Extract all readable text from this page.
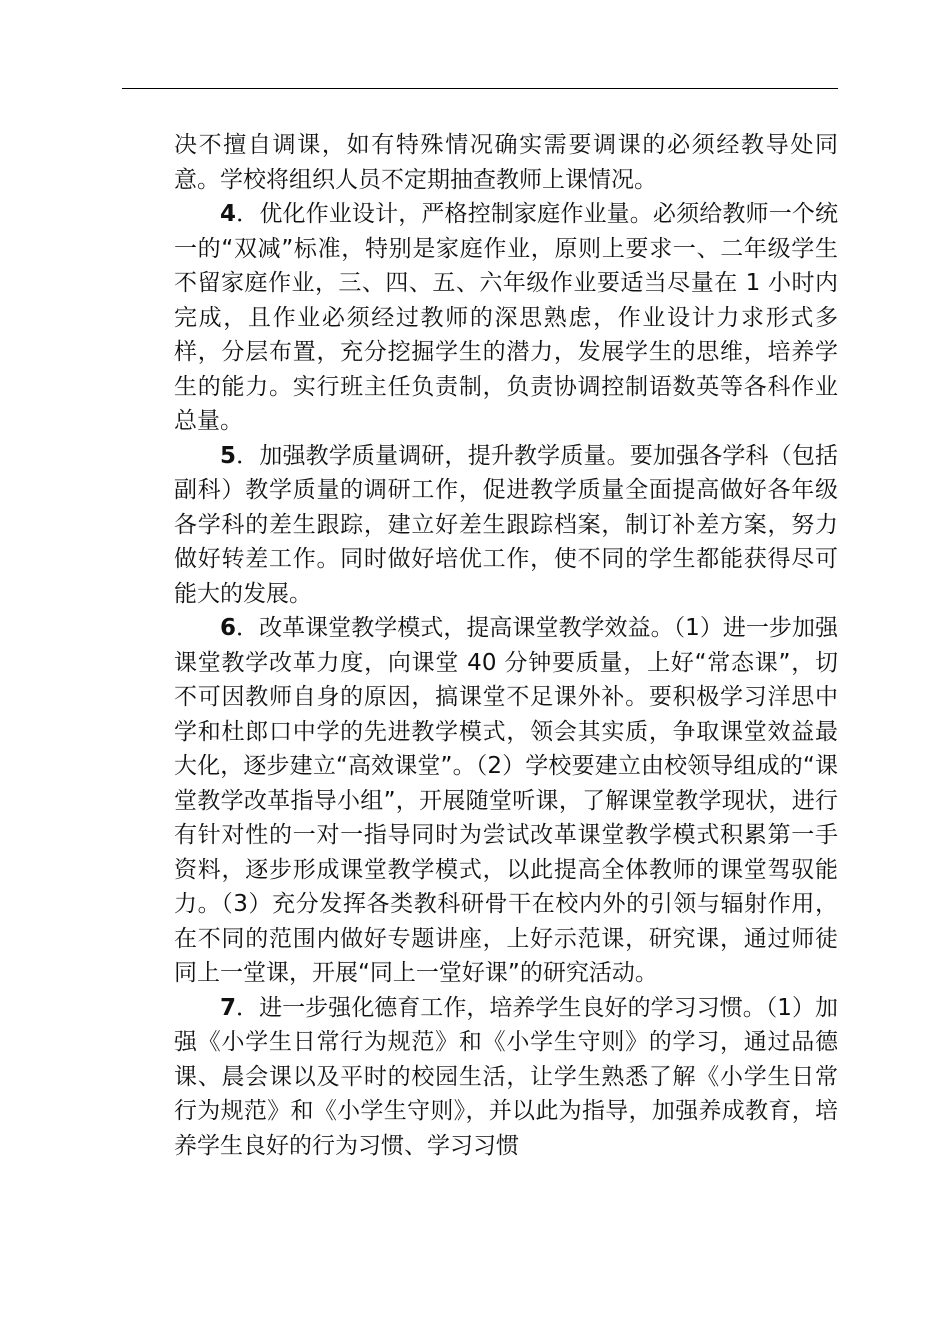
决不擅自调课，如有特殊情况确实需要调课的必须经教导处同意。学校将组织人员不定期抽查教师上课情况。

4．优化作业设计，严格控制家庭作业量。必须给教师一个统一的“双减”标准，特别是家庭作业，原则上要求一、二年级学生不留家庭作业，三、四、五、六年级作业要适当尽量在 1 小时内完成，且作业必须经过教师的深思熟虑，作业设计力求形式多样，分层布置，充分挖掘学生的潜力，发展学生的思维，培养学生的能力。实行班主任负责制，负责协调控制语数英等各科作业总量。

5．加强教学质量调研，提升教学质量。要加强各学科（包括副科）教学质量的调研工作，促进教学质量全面提高做好各年级各学科的差生跟踪，建立好差生跟踪档案，制订补差方案，努力做好转差工作。同时做好培优工作，使不同的学生都能获得尽可能大的发展。

6．改革课堂教学模式，提高课堂教学效益。（1）进一步加强课堂教学改革力度，向课堂 40 分钟要质量，上好“常态课”，切不可因教师自身的原因，搞课堂不足课外补。要积极学习洋思中学和杜郎口中学的先进教学模式，领会其实质，争取课堂效益最大化，逐步建立“高效课堂”。（2）学校要建立由校领导组成的“课堂教学改革指导小组”，开展随堂听课，了解课堂教学现状，进行有针对性的一对一指导同时为尝试改革课堂教学模式积累第一手资料，逐步形成课堂教学模式，以此提高全体教师的课堂驾驭能力。（3）充分发挥各类教科研骨干在校内外的引领与辐射作用，在不同的范围内做好专题讲座，上好示范课，研究课，通过师徒同上一堂课，开展“同上一堂好课”的研究活动。

7．进一步强化德育工作，培养学生良好的学习习惯。（1）加强《小学生日常行为规范》和《小学生守则》的学习，通过品德课、晨会课以及平时的校园生活，让学生熟悉了解《小学生日常行为规范》和《小学生守则》，并以此为指导，加强养成教育，培养学生良好的行为习惯、学习习惯
